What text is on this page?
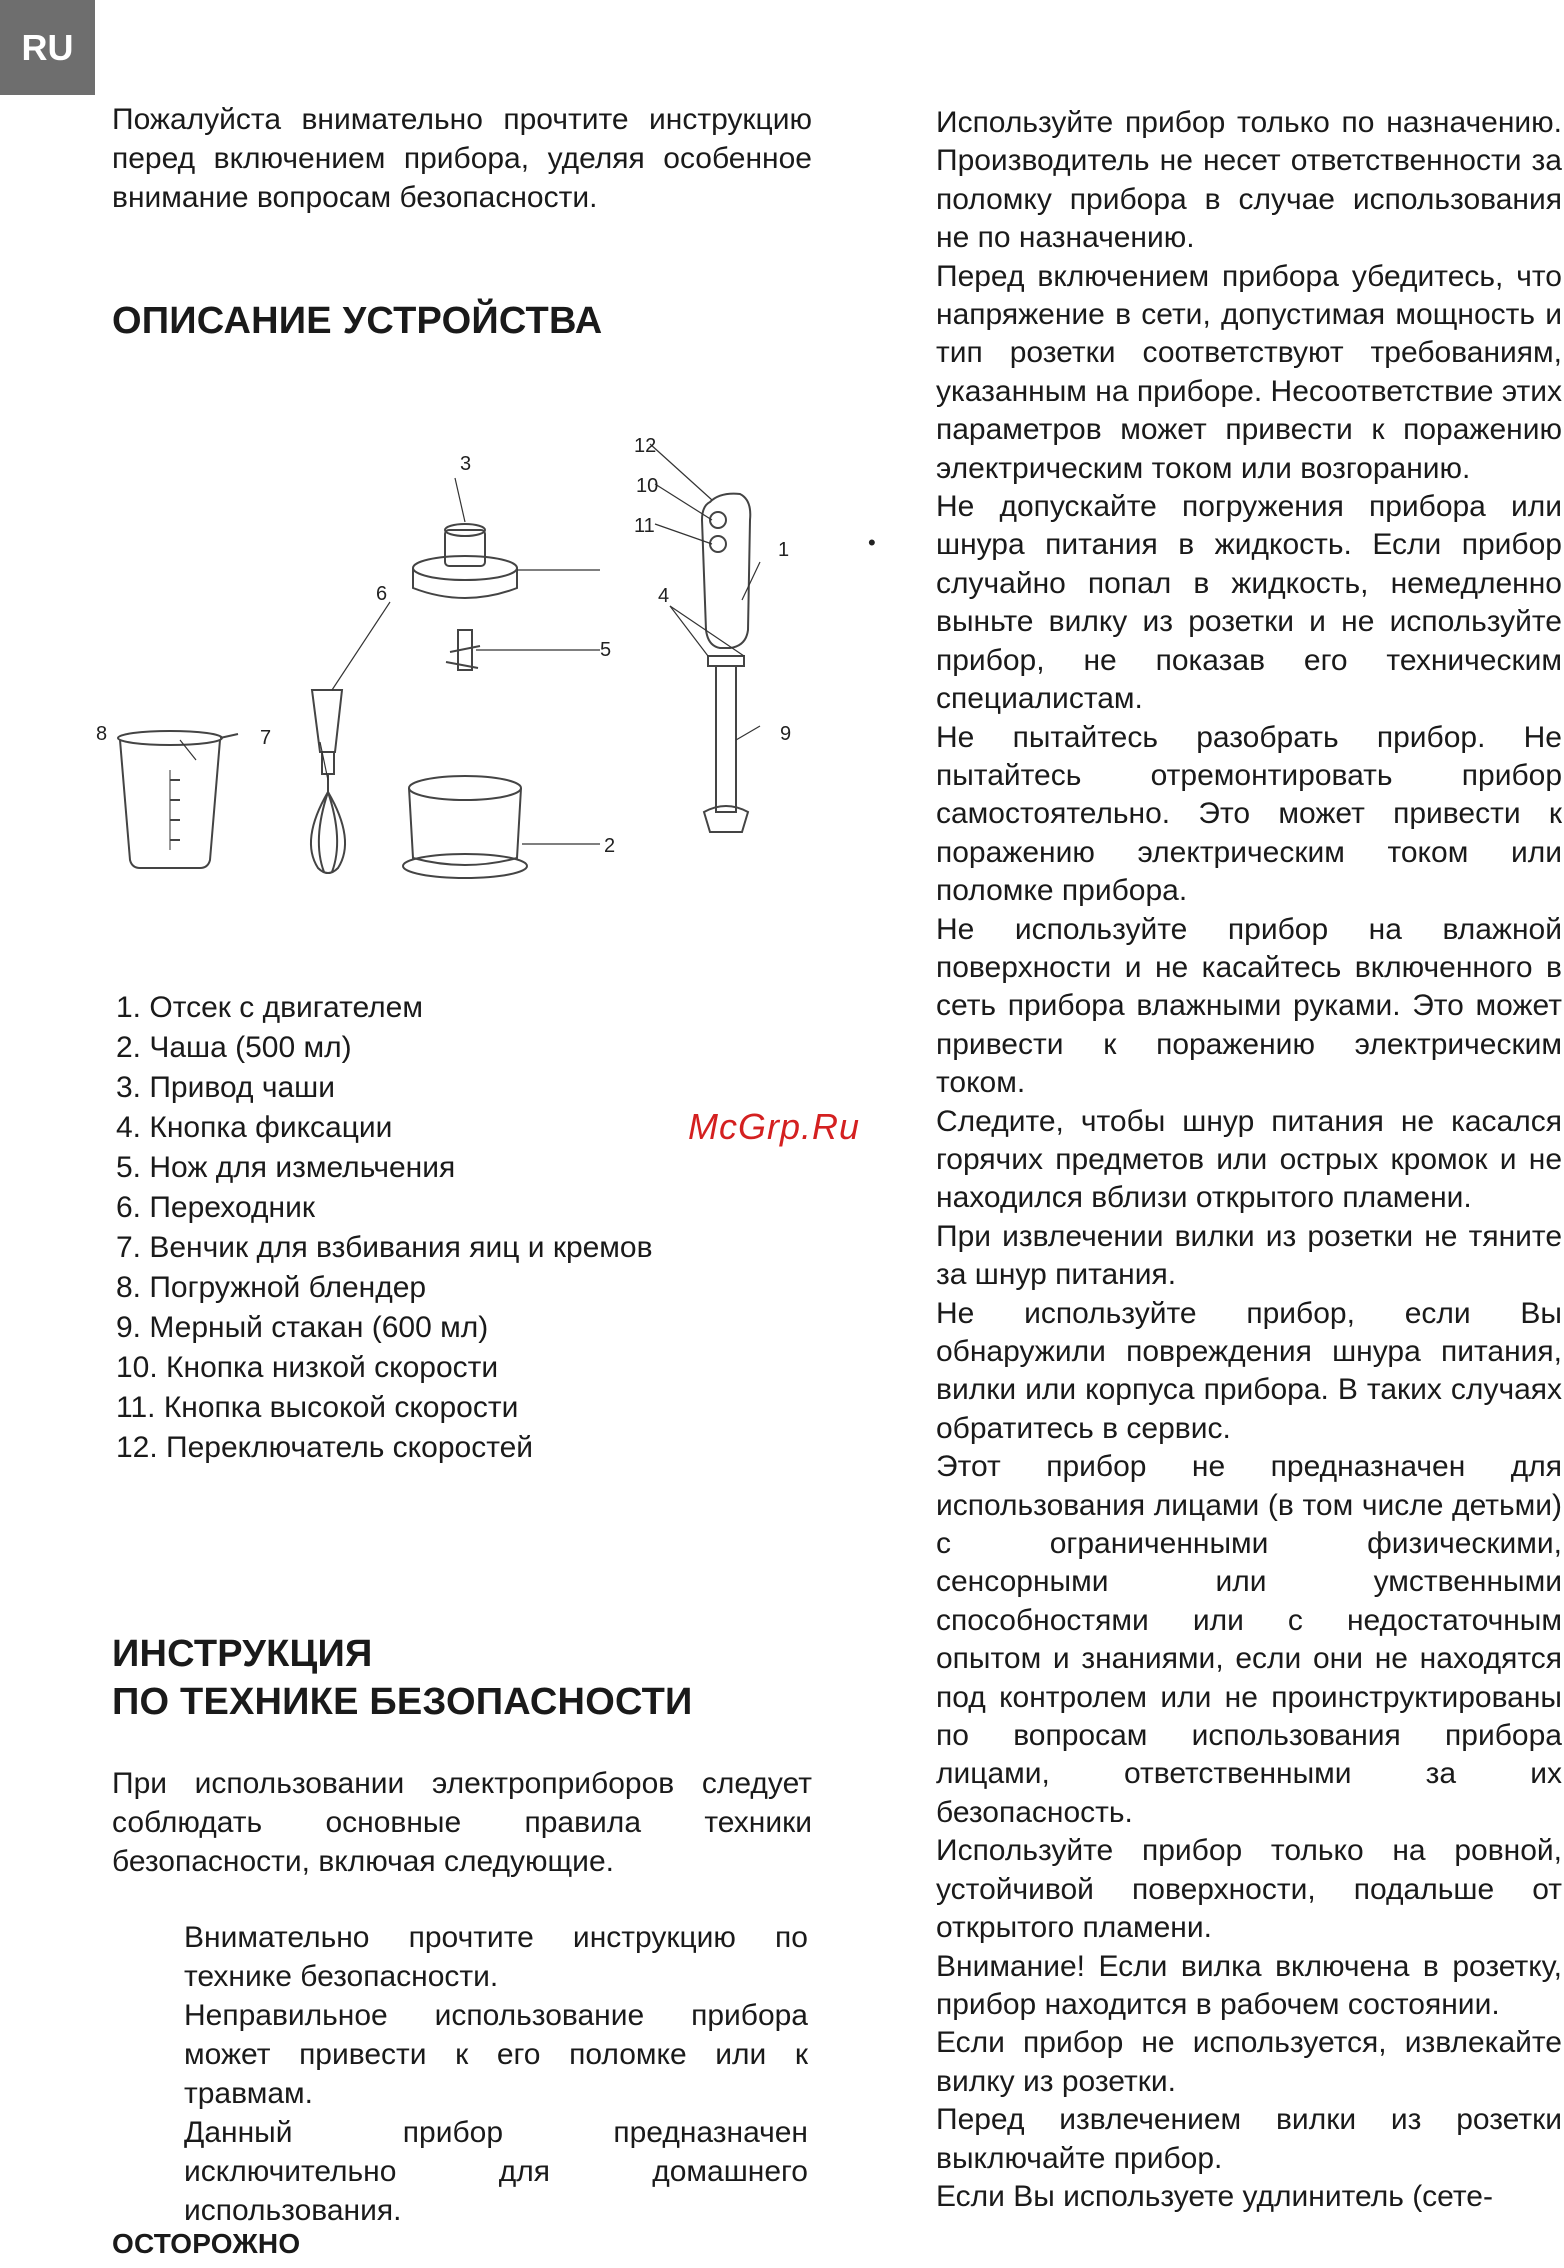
RU

Пожалуйста внимательно прочтите инструкцию перед включением прибора, уделяя особенное внимание вопросам безопасности.

ОПИСАНИЕ УСТРОЙСТВА
1
2
3
4
5
6
7
8	9
10
11
12
1. Отсек с двигателем
2. Чаша (500 мл)
3. Привод чаши
4. Кнопка фиксации
5. Нож для измельчения
6. Переходник
7. Венчик для взбивания яиц и кремов
8. Погружной блендер
9. Мерный стакан (600 мл)
10. Кнопка низкой скорости
11. Кнопка высокой скорости
12. Переключатель скоростей
McGrp.Ru
ИНСТРУКЦИЯ
ПО ТЕХНИКЕ БЕЗОПАСНОСТИ

При использовании электроприборов следует соблюдать основные правила техники безопасности, включая следующие.

Внимательно прочтите инструкцию по технике безопасности.

Неправильное использование прибора может привести к его поломке или к травмам.

Данный прибор предназначен исключительно для домашнего использования.

ОСТОРОЖНО
•

Используйте прибор только по назначению. Производитель не несет ответственности за поломку прибора в случае использования не по назначению.

Перед включением прибора убедитесь, что напряжение в сети, допустимая мощность и тип розетки соответствуют требованиям, указанным на приборе. Несоответствие этих параметров может привести к поражению электрическим током или возгоранию.

Не допускайте погружения прибора или шнура питания в жидкость. Если прибор случайно попал в жидкость, немедленно выньте вилку из розетки и не используйте прибор, не показав его техническим специалистам.

Не пытайтесь разобрать прибор. Не пытайтесь отремонтировать прибор самостоятельно. Это может привести к поражению электрическим током или поломке прибора.

Не используйте прибор на влажной поверхности и не касайтесь включенного в сеть прибора влажными руками. Это может привести к поражению электрическим током.

Следите, чтобы шнур питания не касался горячих предметов или острых кромок и не находился вблизи открытого пламени.

При извлечении вилки из розетки не тяните за шнур питания.

Не используйте прибор, если Вы обнаружили повреждения шнура питания, вилки или корпуса прибора. В таких случаях обратитесь в сервис.

Этот прибор не предназначен для использования лицами (в том числе детьми) с ограниченными физическими, сенсорными или умственными способностями или с недостаточным опытом и знаниями, если они не находятся под контролем или не проинструктированы по вопросам использования прибора лицами, ответственными за их безопасность.

Используйте прибор только на ровной, устойчивой поверхности, подальше от открытого пламени.

Внимание! Если вилка включена в розетку, прибор находится в рабочем состоянии.

Если прибор не используется, извлекайте вилку из розетки.

Перед извлечением вилки из розетки выключайте прибор.

Если Вы используете удлинитель (сете-
